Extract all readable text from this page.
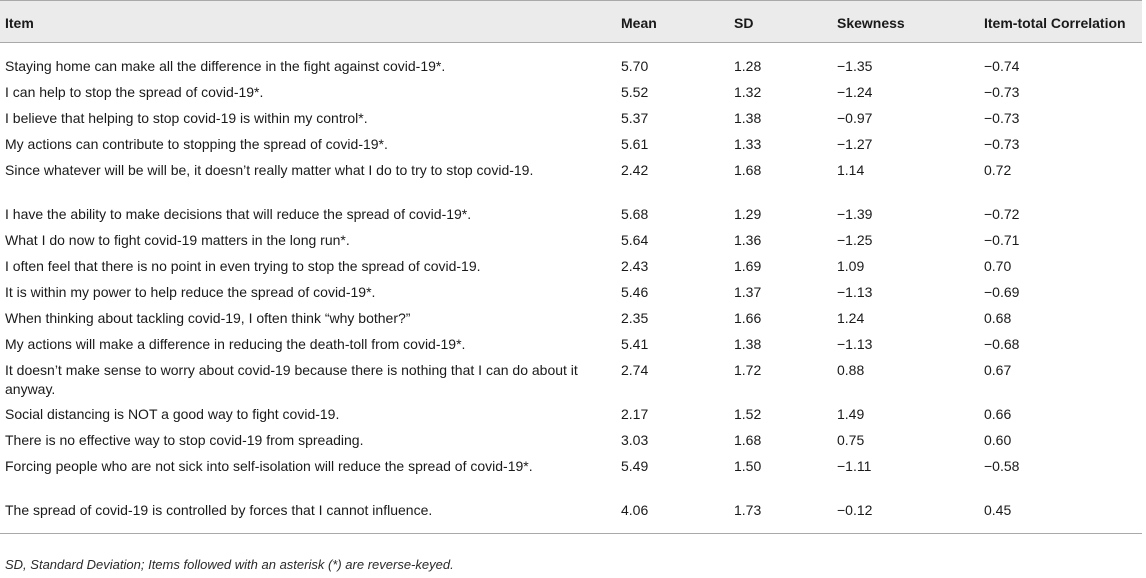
Item	Mean	SD	Skewness	Item-total Correlation

Staying home can make all the difference in the fight against covid-19*.	5.70	1.28	−1.35	−0.74
I can help to stop the spread of covid-19*.	5.52	1.32	−1.24	−0.73
I believe that helping to stop covid-19 is within my control*.	5.37	1.38	−0.97	−0.73
My actions can contribute to stopping the spread of covid-19*.	5.61	1.33	−1.27	−0.73
Since whatever will be will be, it doesn’t really matter what I do to try to stop covid-19.	2.42	1.68	1.14	0.72
I have the ability to make decisions that will reduce the spread of covid-19*.	5.68	1.29	−1.39	−0.72
What I do now to fight covid-19 matters in the long run*.	5.64	1.36	−1.25	−0.71
I often feel that there is no point in even trying to stop the spread of covid-19.	2.43	1.69	1.09	0.70
It is within my power to help reduce the spread of covid-19*.	5.46	1.37	−1.13	−0.69
When thinking about tackling covid-19, I often think “why bother?”	2.35	1.66	1.24	0.68
My actions will make a difference in reducing the death-toll from covid-19*.	5.41	1.38	−1.13	−0.68
It doesn’t make sense to worry about covid-19 because there is nothing that I can do about it anyway.	2.74	1.72	0.88	0.67
Social distancing is NOT a good way to fight covid-19.	2.17	1.52	1.49	0.66
There is no effective way to stop covid-19 from spreading.	3.03	1.68	0.75	0.60
Forcing people who are not sick into self-isolation will reduce the spread of covid-19*.	5.49	1.50	−1.11	−0.58
The spread of covid-19 is controlled by forces that I cannot influence.	4.06	1.73	−0.12	0.45

SD, Standard Deviation; Items followed with an asterisk (*) are reverse-keyed.
